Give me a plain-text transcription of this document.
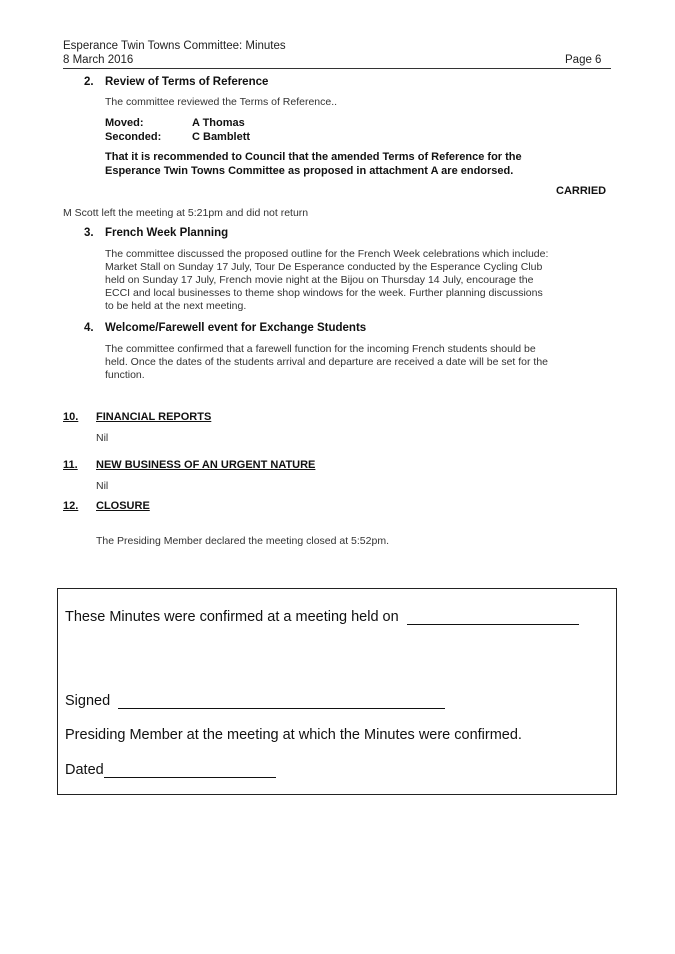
Esperance Twin Towns Committee: Minutes
8 March 2016	Page 6
2. Review of Terms of Reference
The committee reviewed the Terms of Reference..
Moved:	A Thomas
Seconded:	C Bamblett
That it is recommended to Council that the amended Terms of Reference for the
Esperance Twin Towns Committee as proposed in attachment A are endorsed.
CARRIED
M Scott left the meeting at 5:21pm and did not return
3. French Week Planning
The committee discussed the proposed outline for the French Week celebrations which include:
Market Stall on Sunday 17 July, Tour De Esperance conducted by the Esperance Cycling Club
held on Sunday 17 July, French movie night at the Bijou on Thursday 14 July, encourage the
ECCI and local businesses to theme shop windows for the week. Further planning discussions
to be held at the next meeting.
4. Welcome/Farewell event for Exchange Students
The committee confirmed that a farewell function for the incoming French students should be
held. Once the dates of the students arrival and departure are received a date will be set for the
function.
10. FINANCIAL REPORTS
Nil
11. NEW BUSINESS OF AN URGENT NATURE
Nil
12. CLOSURE
The Presiding Member declared the meeting closed at 5:52pm.
These Minutes were confirmed at a meeting held on
Signed
Presiding Member at the meeting at which the Minutes were confirmed.
Dated
